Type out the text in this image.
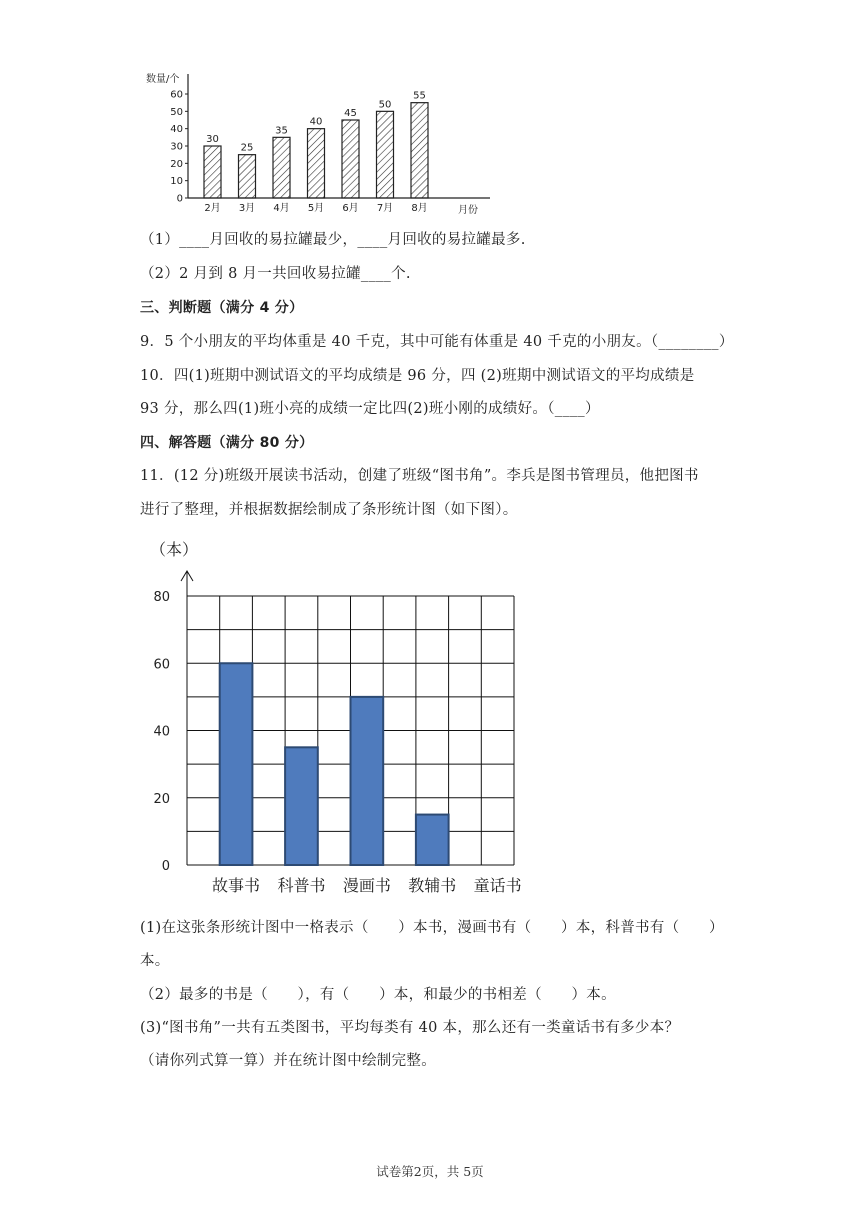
数量/个
0
10
20
30
40
50
60
30
2月
25
3月
35
4月
40
5月
45
6月
50
7月
55
8月	月份
（1）____月回收的易拉罐最少，____月回收的易拉罐最多.
（2）2 月到 8 月一共回收易拉罐____个.
三、判断题（满分 4 分）
9．5 个小朋友的平均体重是 40 千克，其中可能有体重是 40 千克的小朋友。（________）
10．四(1)班期中测试语文的平均成绩是 96 分，四 (2)班期中测试语文的平均成绩是
93 分，那么四(1)班小亮的成绩一定比四(2)班小刚的成绩好。（____）
四、解答题（满分 80 分）
11．(12 分)班级开展读书活动，创建了班级“图书角”。李兵是图书管理员，他把图书
进行了整理，并根据数据绘制成了条形统计图（如下图）。
（本）
0
20
40
60
80
故事书 科普书 漫画书 教辅书 童话书
(1)在这张条形统计图中一格表示（　　）本书，漫画书有（　　）本，科普书有（　　）
本。
（2）最多的书是（　　），有（　　）本，和最少的书相差（　　）本。
(3)“图书角”一共有五类图书，平均每类有 40 本，那么还有一类童话书有多少本？
（请你列式算一算）并在统计图中绘制完整。
试卷第2页，共 5页
